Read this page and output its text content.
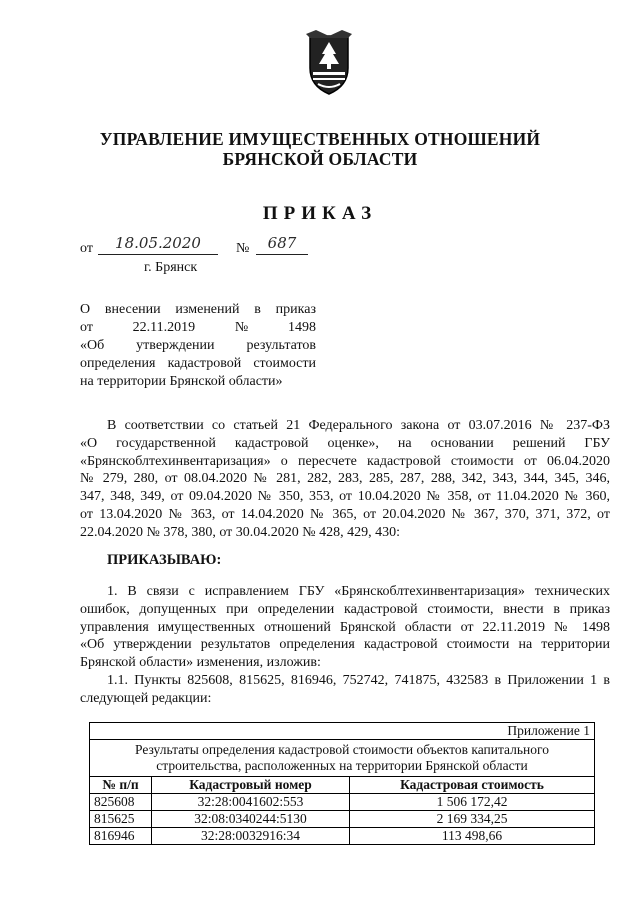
УПРАВЛЕНИЕ ИМУЩЕСТВЕННЫХ ОТНОШЕНИЙ
БРЯНСКОЙ ОБЛАСТИ
ПРИКАЗ
от	18.05.2020	№	687
г. Брянск
О внесении изменений в приказ
от	22.11.2019	№	1498
«Об утверждении результатов
определения кадастровой стоимости
на территории Брянской области»
В соответствии со статьей 21 Федерального закона от 03.07.2016 № 237-ФЗ
«О государственной кадастровой оценке», на основании решений ГБУ
«Брянскоблтехинвентаризация» о пересчете кадастровой стоимости от 06.04.2020
№ 279, 280, от 08.04.2020 № 281, 282, 283, 285, 287, 288, 342, 343, 344, 345, 346,
347, 348, 349, от 09.04.2020 № 350, 353, от 10.04.2020 № 358, от 11.04.2020 № 360,
от 13.04.2020 № 363, от 14.04.2020 № 365, от 20.04.2020 № 367, 370, 371, 372, от
22.04.2020 № 378, 380, от 30.04.2020 № 428, 429, 430:
ПРИКАЗЫВАЮ:
1. В связи с исправлением ГБУ «Брянскоблтехинвентаризация» технических
ошибок, допущенных при определении кадастровой стоимости, внести в приказ
управления имущественных отношений Брянской области от 22.11.2019 № 1498
«Об утверждении результатов определения кадастровой стоимости на территории
Брянской области» изменения, изложив:
1.1. Пункты 825608, 815625, 816946, 752742, 741875, 432583 в Приложении 1 в
следующей редакции:
Приложение 1		

Результаты определения кадастровой стоимости объектов капитального
строительства, расположенных на территории Брянской области		

№ п/п	Кадастровый номер	Кадастровая стоимость
825608	32:28:0041602:553	1 506 172,42
815625	32:08:0340244:5130	2 169 334,25
816946	32:28:0032916:34	113 498,66
